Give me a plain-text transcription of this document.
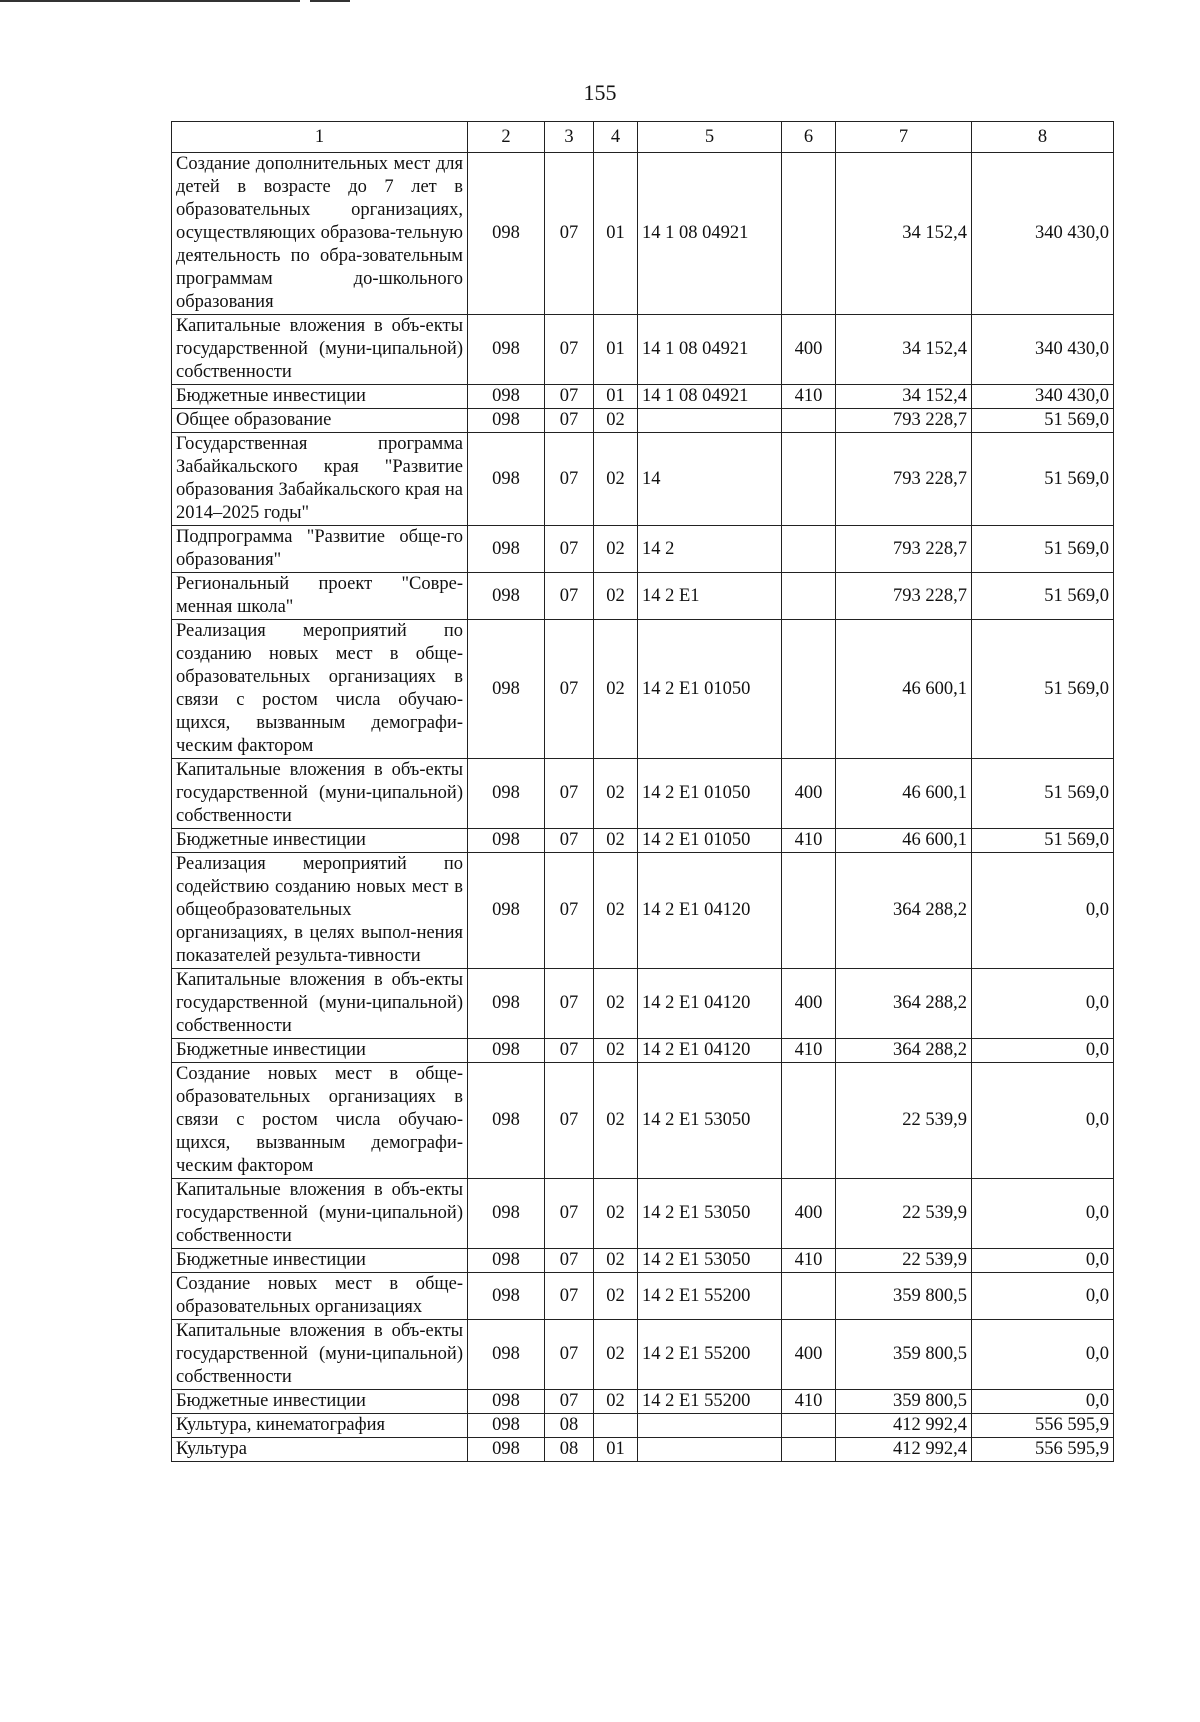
155
1	2	3	4	5	6	7	8
Создание дополнительных мест для детей в возрасте до 7 лет в образовательных организациях, осуществляющих образова-тельную деятельность по обра-зовательным программам до-школьного образования	098	07	01	14 1 08 04921		34 152,4	340 430,0
Капитальные вложения в объ-екты государственной (муни-ципальной) собственности	098	07	01	14 1 08 04921	400	34 152,4	340 430,0
Бюджетные инвестиции	098	07	01	14 1 08 04921	410	34 152,4	340 430,0
Общее образование	098	07	02			793 228,7	51 569,0
Государственная программа Забайкальского края "Развитие образования Забайкальского края на 2014–2025 годы"	098	07	02	14		793 228,7	51 569,0
Подпрограмма "Развитие обще-го образования"	098	07	02	14 2		793 228,7	51 569,0
Региональный проект "Совре-менная школа"	098	07	02	14 2 E1		793 228,7	51 569,0
Реализация мероприятий по созданию новых мест в обще-образовательных организациях в связи с ростом числа обучаю-щихся, вызванным демографи-ческим фактором	098	07	02	14 2 E1 01050		46 600,1	51 569,0
Капитальные вложения в объ-екты государственной (муни-ципальной) собственности	098	07	02	14 2 E1 01050	400	46 600,1	51 569,0
Бюджетные инвестиции	098	07	02	14 2 E1 01050	410	46 600,1	51 569,0
Реализация мероприятий по содействию созданию новых мест в общеобразовательных организациях, в целях выпол-нения показателей результа-тивности	098	07	02	14 2 E1 04120		364 288,2	0,0
Капитальные вложения в объ-екты государственной (муни-ципальной) собственности	098	07	02	14 2 E1 04120	400	364 288,2	0,0
Бюджетные инвестиции	098	07	02	14 2 E1 04120	410	364 288,2	0,0
Создание новых мест в обще-образовательных организациях в связи с ростом числа обучаю-щихся, вызванным демографи-ческим фактором	098	07	02	14 2 E1 53050		22 539,9	0,0
Капитальные вложения в объ-екты государственной (муни-ципальной) собственности	098	07	02	14 2 E1 53050	400	22 539,9	0,0
Бюджетные инвестиции	098	07	02	14 2 E1 53050	410	22 539,9	0,0
Создание новых мест в обще-образовательных организациях	098	07	02	14 2 E1 55200		359 800,5	0,0
Капитальные вложения в объ-екты государственной (муни-ципальной) собственности	098	07	02	14 2 E1 55200	400	359 800,5	0,0
Бюджетные инвестиции	098	07	02	14 2 E1 55200	410	359 800,5	0,0
Культура, кинематография	098	08				412 992,4	556 595,9
Культура	098	08	01			412 992,4	556 595,9
